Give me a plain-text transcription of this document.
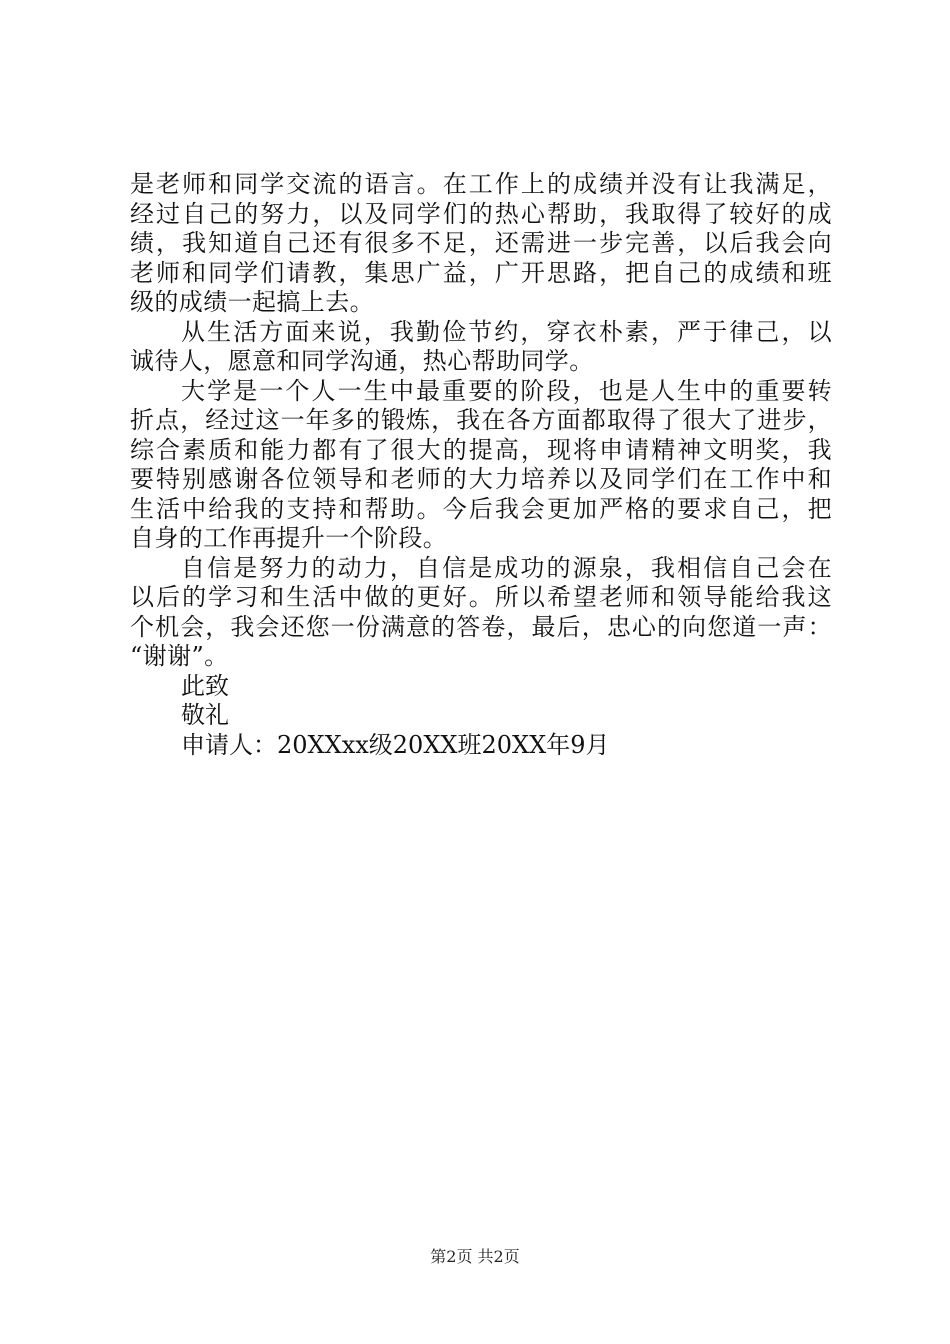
是老师和同学交流的语言。在工作上的成绩并没有让我满足，
经过自己的努力，以及同学们的热心帮助，我取得了较好的成
绩，我知道自己还有很多不足，还需进一步完善，以后我会向
老师和同学们请教，集思广益，广开思路，把自己的成绩和班
级的成绩一起搞上去。
从生活方面来说，我勤俭节约，穿衣朴素，严于律己，以
诚待人，愿意和同学沟通，热心帮助同学。
大学是一个人一生中最重要的阶段，也是人生中的重要转
折点，经过这一年多的锻炼，我在各方面都取得了很大了进步，
综合素质和能力都有了很大的提高，现将申请精神文明奖，我
要特别感谢各位领导和老师的大力培养以及同学们在工作中和
生活中给我的支持和帮助。今后我会更加严格的要求自己，把
自身的工作再提升一个阶段。
自信是努力的动力，自信是成功的源泉，我相信自己会在
以后的学习和生活中做的更好。所以希望老师和领导能给我这
个机会，我会还您一份满意的答卷，最后，忠心的向您道一声：
“谢谢”。
此致
敬礼
申请人：20XXxx级20XX班20XX年9月
第2页 共2页
